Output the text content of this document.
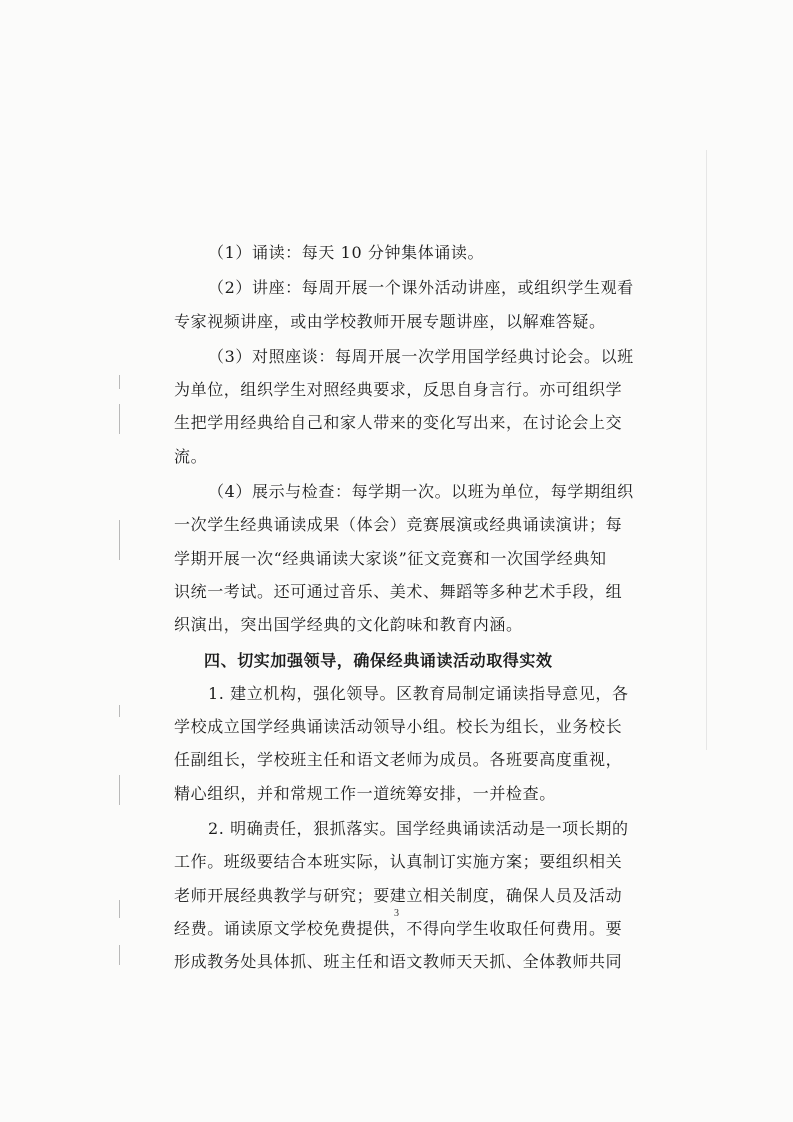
（1）诵读：每天 10 分钟集体诵读。

（2）讲座：每周开展一个课外活动讲座，或组织学生观看
专家视频讲座，或由学校教师开展专题讲座，以解难答疑。

（3）对照座谈：每周开展一次学用国学经典讨论会。以班
为单位，组织学生对照经典要求，反思自身言行。亦可组织学
生把学用经典给自己和家人带来的变化写出来，在讨论会上交
流。

（4）展示与检查：每学期一次。以班为单位，每学期组织
一次学生经典诵读成果（体会）竞赛展演或经典诵读演讲；每
学期开展一次“经典诵读大家谈”征文竞赛和一次国学经典知
识统一考试。还可通过音乐、美术、舞蹈等多种艺术手段，组
织演出，突出国学经典的文化韵味和教育内涵。

四、切实加强领导，确保经典诵读活动取得实效

1. 建立机构，强化领导。区教育局制定诵读指导意见，各
学校成立国学经典诵读活动领导小组。校长为组长，业务校长
任副组长，学校班主任和语文老师为成员。各班要高度重视，
精心组织，并和常规工作一道统筹安排，一并检查。

2. 明确责任，狠抓落实。国学经典诵读活动是一项长期的
工作。班级要结合本班实际，认真制订实施方案；要组织相关
老师开展经典教学与研究；要建立相关制度，确保人员及活动
经费。诵读原文学校免费提供，不得向学生收取任何费用。要
形成教务处具体抓、班主任和语文教师天天抓、全体教师共同

3
